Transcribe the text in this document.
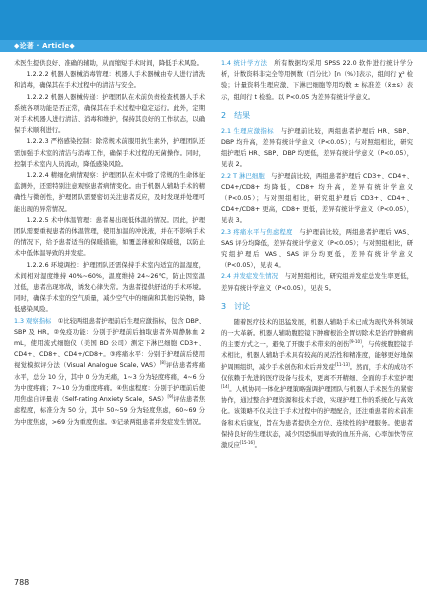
◆论著 · Article◆

术医生提供良好、准确的辅助，从而缩短手术时间，降低手术风险。

1.2.2.2 机器人器械消毒管理：机器人手术器械由专人进行清洗和消毒，确保其在手术过程中的清洁与安全。

1.2.2.2 机器人器械传递：护理团队在术前负责检查机器人手术系统各项功能是否正常，确保其在手术过程中稳定运行。此外，定期对手术机器人进行清洁、消毒和维护，保持其良好的工作状态，以确保手术顺利进行。

1.2.2.3 严格感染控制：除常规术前服用抗生素外，护理团队还需加强手术室的清洁与消毒工作，确保手术过程的无菌操作。同时，控制手术室内人员流动，降低感染风险。

1.2.2.4 精细化病情观察：护理团队在术中除了常规的生命体征监测外，还需特别注意观察患者病情变化。由于机器人辅助手术的精确性与微创性，护理团队需要密切关注患者反应，及时发现并处理可能出现的异常情况。

1.2.2.5 术中体温管理：患者易出现低体温的情况。因此，护理团队需要重视患者的体温管理，使用加温的冲洗液，并在不影响手术的情况下，给予患者适当的保暖措施，如覆盖薄被和保暖毯，以防止术中低体温导致的并发症。

1.2.2.6 环境调控：护理团队还需保持手术室内适宜的温湿度，术间相对湿度维持 40%~60%，温度维持 24~26℃，防止因室温过低，患者出现寒战，诱发心律失常。为患者提供舒适的手术环境。同时，确保手术室的空气质量，减少空气中的细菌和其他污染物，降低感染风险。

1.3 观察指标　 ①比较两组患者护理前后生理应激指标，包含 DBP、SBP 及 HR。②免疫功能：分别于护理前后抽取患者外周静脉血 2 mL，使用流式细胞仪（美国 BD 公司）测定下淋巴细胞 CD3+、CD4+、CD8+、CD4+/CD8+。③疼痛水平：分别于护理前后使用视觉模拟评分法（Visual Analogue Scale, VAS）[8]评估患者疼痛水平，总分 10 分，其中 0 分为无痛，1~3 分为轻度疼痛，4~6 分为中度疼痛；7~10 分为重度疼痛。④焦虑程度：分别于护理前后使用焦虑自评量表（Self-rating Anxiety Scale，SAS）[9]评估患者焦虑程度，标准分为 50 分，其中 50~59 分为轻度焦虑，60~69 分为中度焦虑，>69 分为重度焦虑。⑤记录两组患者并发症发生情况。

1.4 统计学方法　 所有数据均采用 SPSS 22.0 软件进行统计学分析，计数资料非完全等用例数（百分比）[n（%）]表示，组间行 χ² 检验；计量资料生理应激、下淋巴细胞等用均数 ± 标准差（x̄±s）表示，组间行 t 检验。以 P<0.05 为差异有统计学意义。

2　结果

2.1 生理应激指标　 与护理前比较，两组患者护理后 HR、SBP、DBP 均升高，差异有统计学意义（P<0.05）；与对照组相比，研究组护理后 HR、SBP、DBP 均更低，差异有统计学意义（P<0.05），见表 2。

2.2 T 淋巴细胞　 与护理前比较，两组患者护理后 CD3+、CD4+、CD4+/CD8+ 均降低，CD8+ 均升高，差异有统计学意义（P<0.05）；与对照组相比，研究组护理后 CD3+、CD4+、CD4+/CD8+ 更高，CD8+ 更低，差异有统计学意义（P<0.05），见表 3。

2.3 疼痛水平与焦虑程度　 与护理前比较，两组患者护理后 VAS、SAS 评分均降低，差异有统计学意义（P<0.05）；与对照组相比，研究组护理后 VAS、SAS 评分均更低，差异有统计学意义（P<0.05），见表 4。

2.4 并发症发生情况　 与对照组相比，研究组并发症总发生率更低，差异有统计学意义（P<0.05），见表 5。

3　讨论

随着医疗技术的迅猛发展，机器人辅助手术已成为现代外科领域的一大革新。机器人辅助腹腔镜下肿瘤根治全胃切除术是治疗肿瘤病的主要方式之一，避免了开腹手术带来的创伤[9-10]，与传统腹腔镜手术相比，机器人辅助手术具有较高的灵活性和精准度，能够更好地保护周围组织，减少手术创伤和术后并发症[11-13]。然而，手术的成功不仅依赖于先进的医疗设备与技术，更离不开精细、全面的手术室护理[14]。人机协同一体化护理策略强调护理团队与机器人手术医生的紧密协作，通过整合护理资源和技术手段，实现护理工作的系统化与高效化。该策略不仅关注于手术过程中的护理配合，还注重患者的术前准备和术后康复，旨在为患者提供全方位、连续性的护理服务。使患者保持良好的生理状态，减少因恐惧而导致的血压升高、心率加快等应激反应[15-16]。

788
